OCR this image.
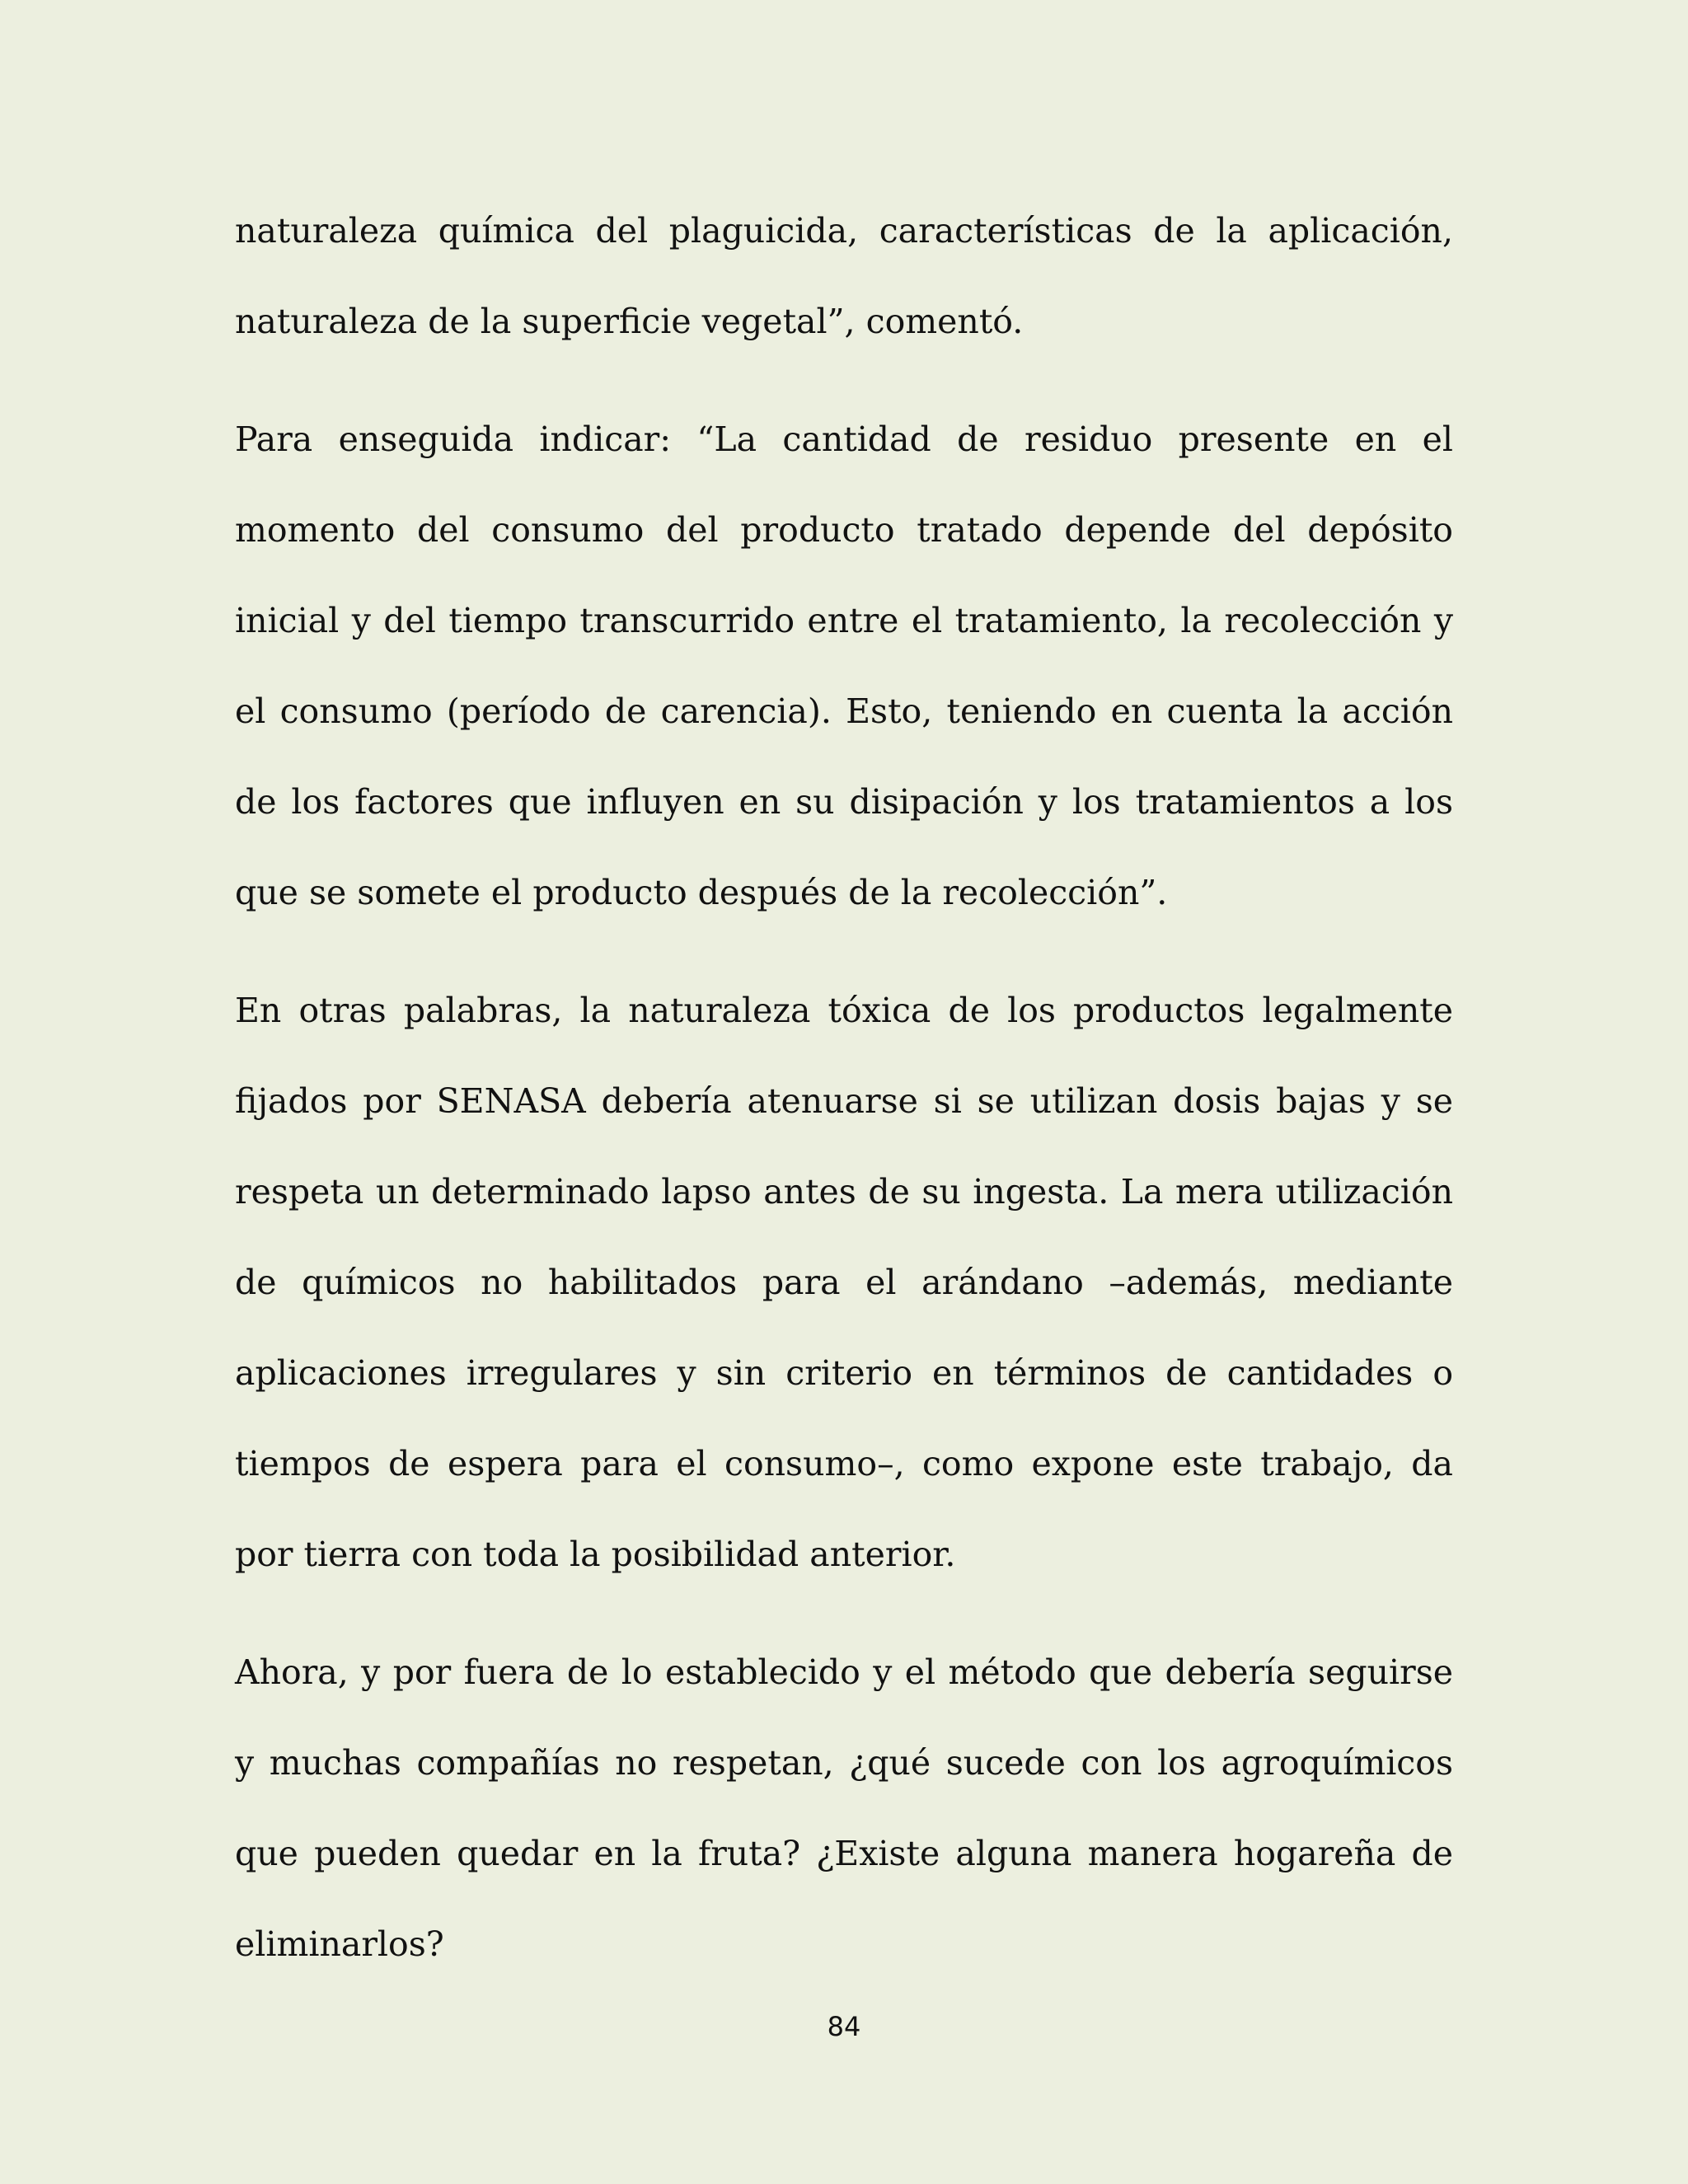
naturaleza química del plaguicida, características de la aplicación, naturaleza de la superficie vegetal”, comentó.

Para enseguida indicar: “La cantidad de residuo presente en el momento del consumo del producto tratado depende del depósito inicial y del tiempo transcurrido entre el tratamiento, la recolección y el consumo (período de carencia). Esto, teniendo en cuenta la acción de los factores que influyen en su disipación y los tratamientos a los que se somete el producto después de la recolección”.

En otras palabras, la naturaleza tóxica de los productos legalmente fijados por SENASA debería atenuarse si se utilizan dosis bajas y se respeta un determinado lapso antes de su ingesta. La mera utilización de químicos no habilitados para el arándano –además, mediante aplicaciones irregulares y sin criterio en términos de cantidades o tiempos de espera para el consumo–, como expone este trabajo, da por tierra con toda la posibilidad anterior.

Ahora, y por fuera de lo establecido y el método que debería seguirse y muchas compañías no respetan, ¿qué sucede con los agroquímicos que pueden quedar en la fruta? ¿Existe alguna manera hogareña de eliminarlos?

84
